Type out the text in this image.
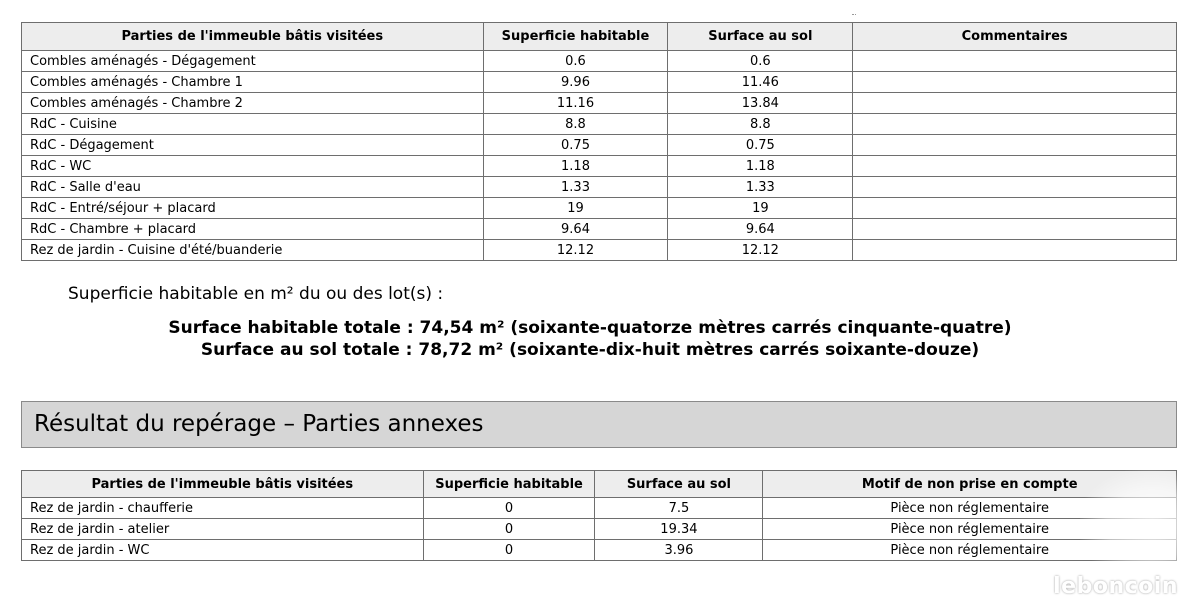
Parties de l'immeuble bâtis visitées	Superficie habitable	Surface au sol	Commentaires
Combles aménagés - Dégagement	0.6	0.6	
Combles aménagés - Chambre 1	9.96	11.46	
Combles aménagés - Chambre 2	11.16	13.84	
RdC - Cuisine	8.8	8.8	
RdC - Dégagement	0.75	0.75	
RdC - WC	1.18	1.18	
RdC - Salle d'eau	1.33	1.33	
RdC - Entré/séjour + placard	19	19	
RdC - Chambre + placard	9.64	9.64	
Rez de jardin - Cuisine d'été/buanderie	12.12	12.12	
Superficie habitable en m² du ou des lot(s) :
Surface habitable totale : 74,54 m² (soixante-quatorze mètres carrés cinquante-quatre)
Surface au sol totale : 78,72 m² (soixante-dix-huit mètres carrés soixante-douze)
Résultat du repérage – Parties annexes
Parties de l'immeuble bâtis visitées	Superficie habitable	Surface au sol	Motif de non prise en compte
Rez de jardin - chaufferie	0	7.5	Pièce non réglementaire
Rez de jardin - atelier	0	19.34	Pièce non réglementaire
Rez de jardin - WC	0	3.96	Pièce non réglementaire
leboncoin
